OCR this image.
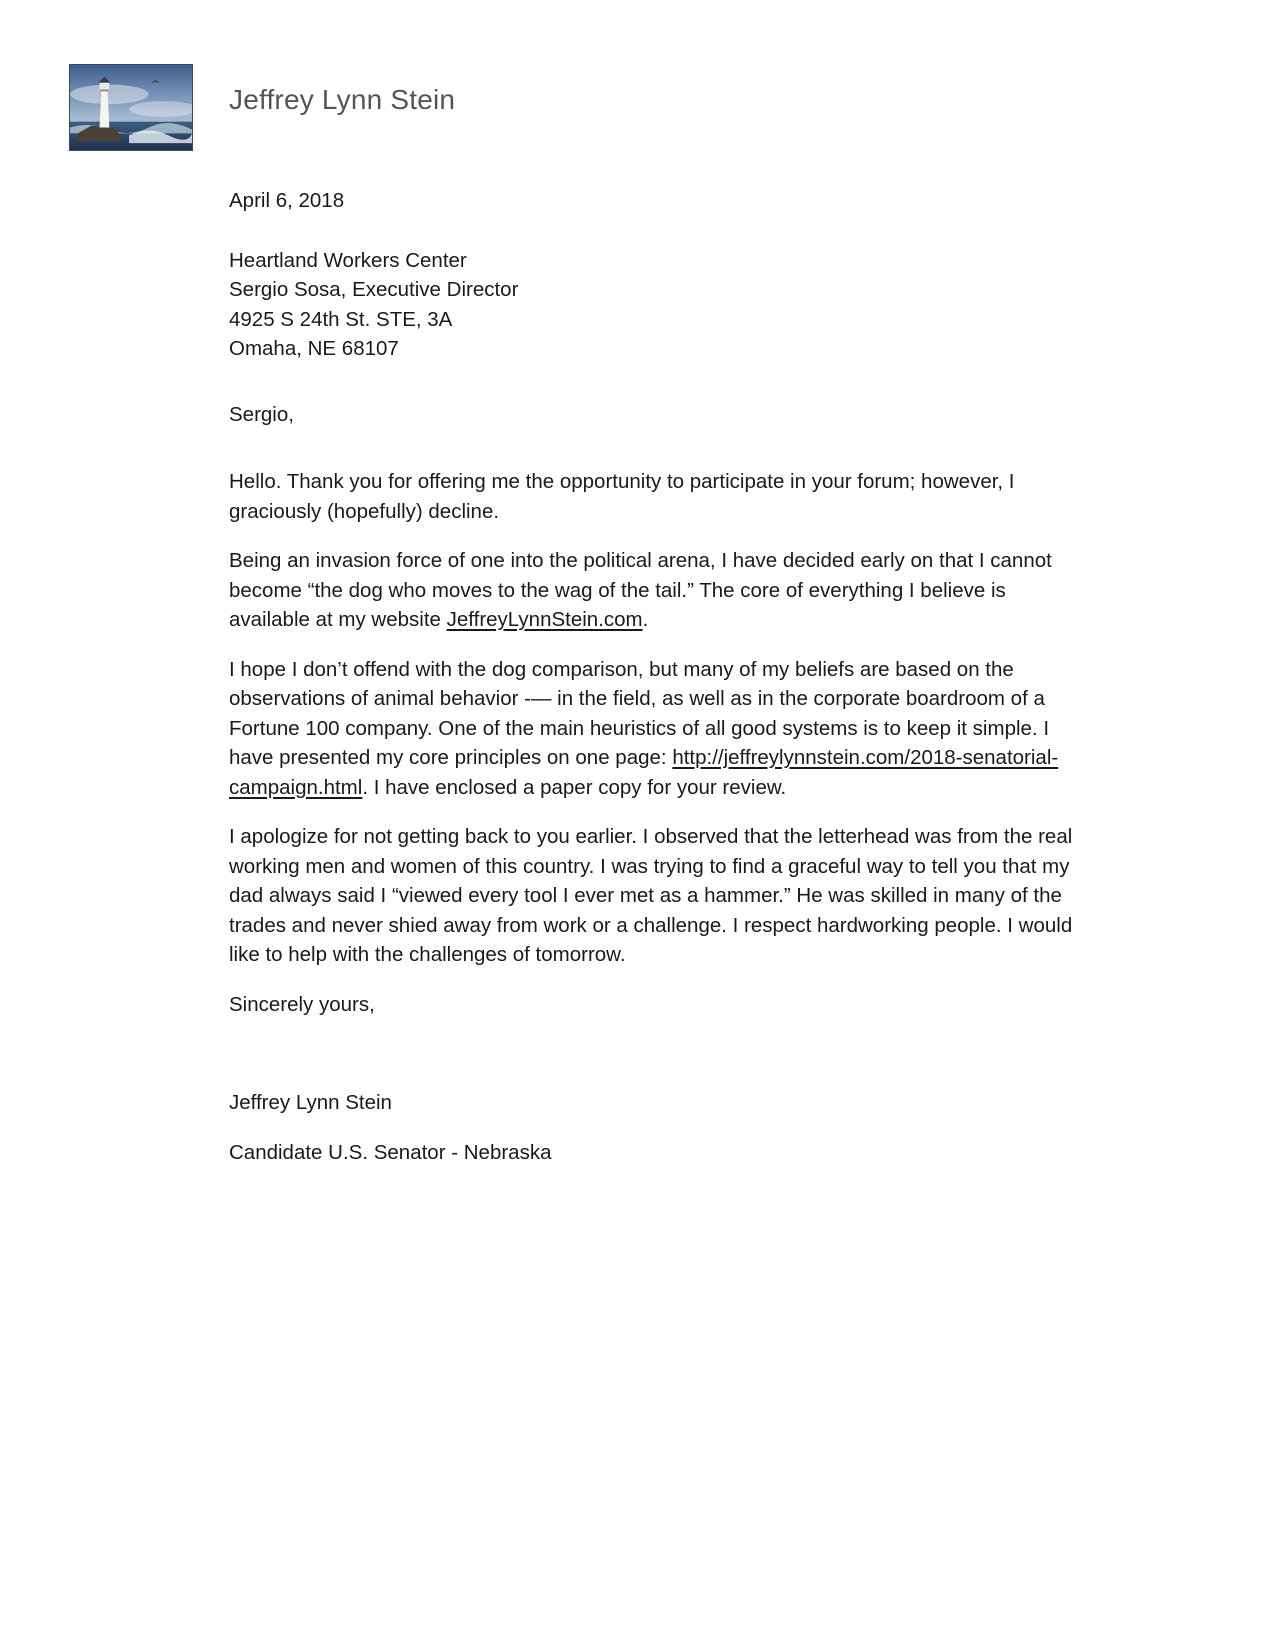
Jeffrey Lynn Stein

April 6, 2018

Heartland Workers Center
Sergio Sosa, Executive Director
4925 S 24th St. STE, 3A
Omaha, NE 68107

Sergio,

Hello. Thank you for offering me the opportunity to participate in your forum; however, I graciously (hopefully) decline.

Being an invasion force of one into the political arena, I have decided early on that I cannot become “the dog who moves to the wag of the tail.” The core of everything I believe is available at my website JeffreyLynnStein.com.

I hope I don’t offend with the dog comparison, but many of my beliefs are based on the observations of animal behavior -— in the field, as well as in the corporate boardroom of a Fortune 100 company. One of the main heuristics of all good systems is to keep it simple. I have presented my core principles on one page: http://jeffreylynnstein.com/2018-senatorial-campaign.html. I have enclosed a paper copy for your review.

I apologize for not getting back to you earlier. I observed that the letterhead was from the real working men and women of this country. I was trying to find a graceful way to tell you that my dad always said I “viewed every tool I ever met as a hammer.” He was skilled in many of the trades and never shied away from work or a challenge. I respect hardworking people. I would like to help with the challenges of tomorrow.

Sincerely yours,

Jeffrey Lynn Stein

Candidate U.S. Senator - Nebraska
